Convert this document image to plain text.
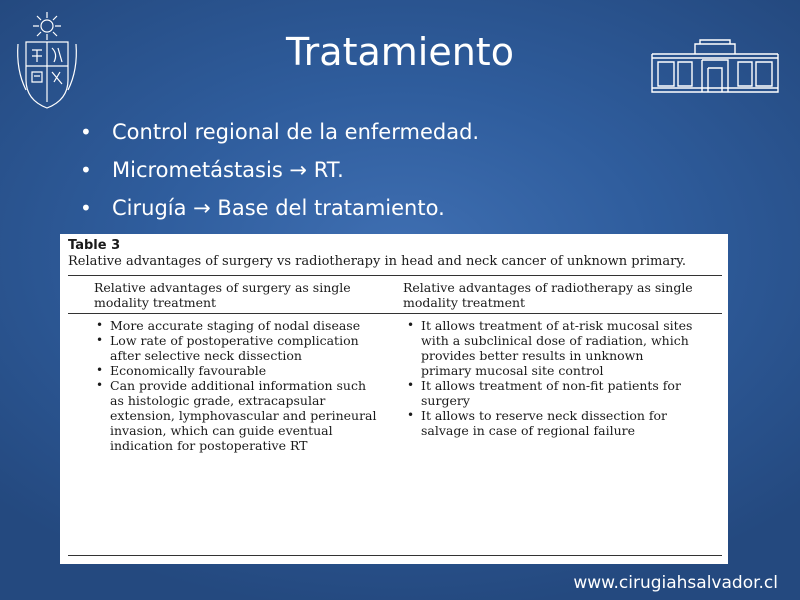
Tratamiento
• Control regional de la enfermedad.
• Micrometástasis → RT.
• Cirugía → Base del tratamiento.
Table 3
Relative advantages of surgery vs radiotherapy in head and neck cancer of unknown primary.
Relative advantages of surgery as single modality treatment
Relative advantages of radiotherapy as single modality treatment
• More accurate staging of nodal disease
• Low rate of postoperative complication after selective neck dissection
• Economically favourable
• Can provide additional information such as histologic grade, extracapsular extension, lymphovascular and perineural invasion, which can guide eventual indication for postoperative RT
• It allows treatment of at-risk mucosal sites with a subclinical dose of radiation, which provides better results in unknown primary mucosal site control
• It allows treatment of non-fit patients for surgery
• It allows to reserve neck dissection for salvage in case of regional failure
www.cirugiahsalvador.cl
